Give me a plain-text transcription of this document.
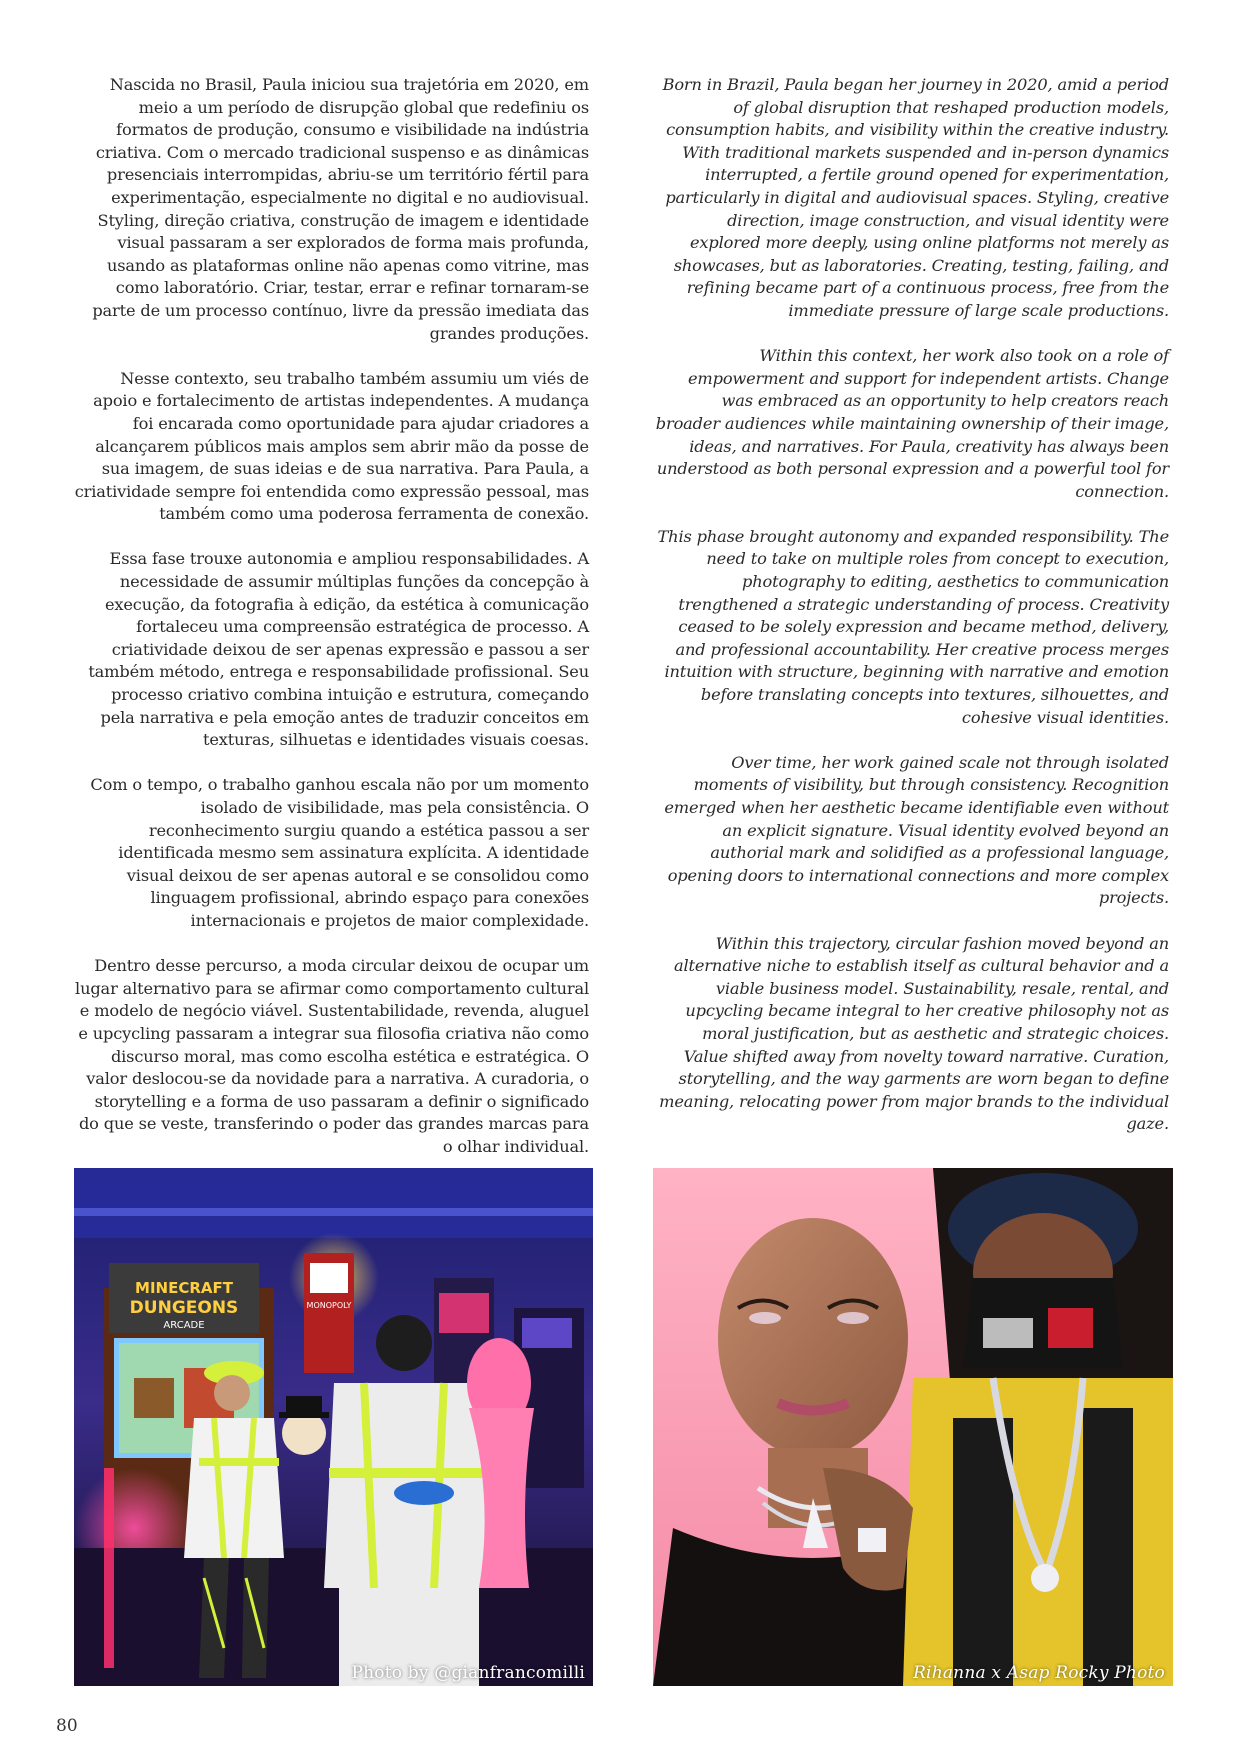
Nascida no Brasil, Paula iniciou sua trajetória em 2020, em meio a um período de disrupção global que redefiniu os formatos de produção, consumo e visibilidade na indústria criativa. Com o mercado tradicional suspenso e as dinâmicas presenciais interrompidas, abriu-se um território fértil para experimentação, especialmente no digital e no audiovisual. Styling, direção criativa, construção de imagem e identidade visual passaram a ser explorados de forma mais profunda, usando as plataformas online não apenas como vitrine, mas como laboratório. Criar, testar, errar e refinar tornaram-se parte de um processo contínuo, livre da pressão imediata das grandes produções.

Nesse contexto, seu trabalho também assumiu um viés de apoio e fortalecimento de artistas independentes. A mudança foi encarada como oportunidade para ajudar criadores a alcançarem públicos mais amplos sem abrir mão da posse de sua imagem, de suas ideias e de sua narrativa. Para Paula, a criatividade sempre foi entendida como expressão pessoal, mas também como uma poderosa ferramenta de conexão.

Essa fase trouxe autonomia e ampliou responsabilidades. A necessidade de assumir múltiplas funções da concepção à execução, da fotografia à edição, da estética à comunicação fortaleceu uma compreensão estratégica de processo. A criatividade deixou de ser apenas expressão e passou a ser também método, entrega e responsabilidade profissional. Seu processo criativo combina intuição e estrutura, começando pela narrativa e pela emoção antes de traduzir conceitos em texturas, silhuetas e identidades visuais coesas.

Com o tempo, o trabalho ganhou escala não por um momento isolado de visibilidade, mas pela consistência. O reconhecimento surgiu quando a estética passou a ser identificada mesmo sem assinatura explícita. A identidade visual deixou de ser apenas autoral e se consolidou como linguagem profissional, abrindo espaço para conexões internacionais e projetos de maior complexidade.

Dentro desse percurso, a moda circular deixou de ocupar um lugar alternativo para se afirmar como comportamento cultural e modelo de negócio viável. Sustentabilidade, revenda, aluguel e upcycling passaram a integrar sua filosofia criativa não como discurso moral, mas como escolha estética e estratégica. O valor deslocou-se da novidade para a narrativa. A curadoria, o storytelling e a forma de uso passaram a definir o significado do que se veste, transferindo o poder das grandes marcas para o olhar individual.

Born in Brazil, Paula began her journey in 2020, amid a period of global disruption that reshaped production models, consumption habits, and visibility within the creative industry. With traditional markets suspended and in-person dynamics interrupted, a fertile ground opened for experimentation, particularly in digital and audiovisual spaces. Styling, creative direction, image construction, and visual identity were explored more deeply, using online platforms not merely as showcases, but as laboratories. Creating, testing, failing, and refining became part of a continuous process, free from the immediate pressure of large scale productions.

Within this context, her work also took on a role of empowerment and support for independent artists. Change was embraced as an opportunity to help creators reach broader audiences while maintaining ownership of their image, ideas, and narratives. For Paula, creativity has always been understood as both personal expression and a powerful tool for connection.

This phase brought autonomy and expanded responsibility. The need to take on multiple roles from concept to execution, photography to editing, aesthetics to communication trengthened a strategic understanding of process. Creativity ceased to be solely expression and became method, delivery, and professional accountability. Her creative process merges intuition with structure, beginning with narrative and emotion before translating concepts into textures, silhouettes, and cohesive visual identities.

Over time, her work gained scale not through isolated moments of visibility, but through consistency. Recognition emerged when her aesthetic became identifiable even without an explicit signature. Visual identity evolved beyond an authorial mark and solidified as a professional language, opening doors to international connections and more complex projects.

Within this trajectory, circular fashion moved beyond an alternative niche to establish itself as cultural behavior and a viable business model. Sustainability, resale, rental, and upcycling became integral to her creative philosophy not as moral justification, but as aesthetic and strategic choices. Value shifted away from novelty toward narrative. Curation, storytelling, and the way garments are worn began to define meaning, relocating power from major brands to the individual gaze.

MINECRAFT
DUNGEONS
ARCADE
MONOPOLY
Photo by @gianfrancomilli	Rihanna x Asap Rocky Photo
80
